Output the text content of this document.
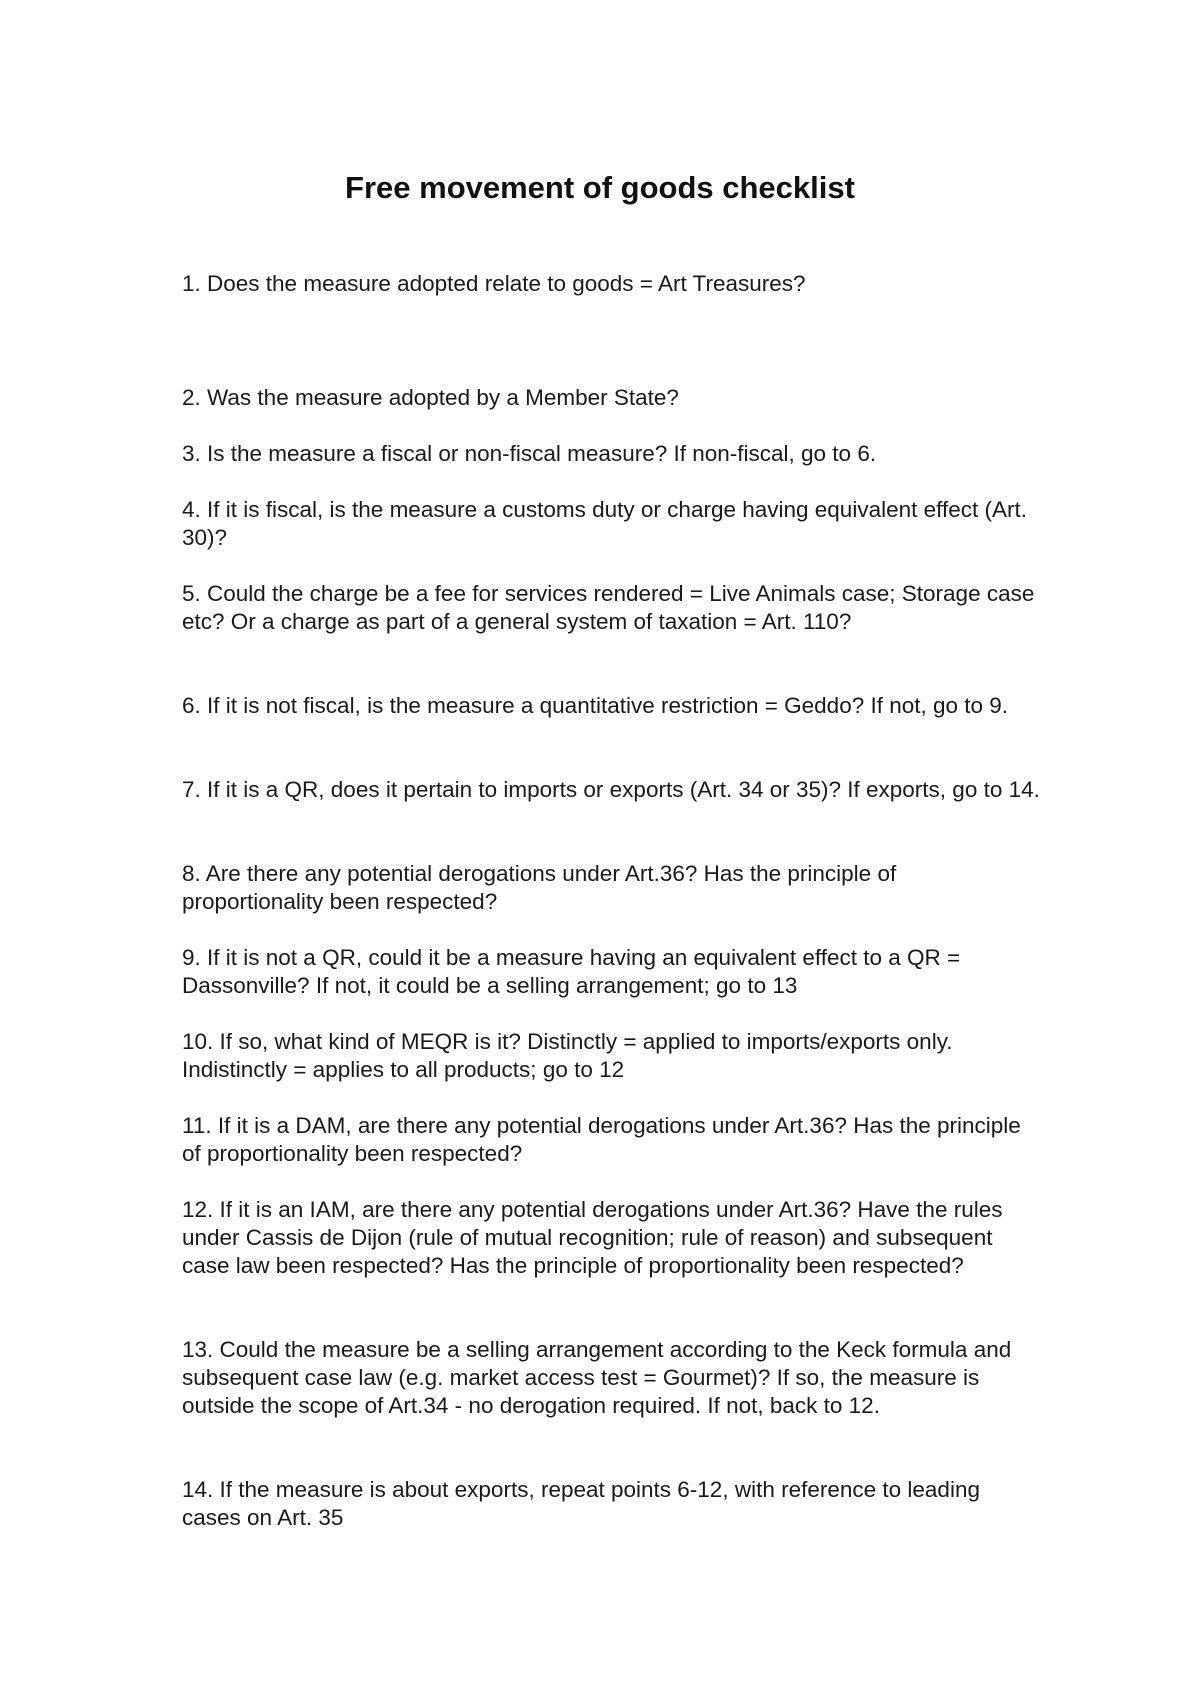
Free movement of goods checklist

1. Does the measure adopted relate to goods = Art Treasures?

2. Was the measure adopted by a Member State?

3. Is the measure a fiscal or non-fiscal measure? If non-fiscal, go to 6.

4. If it is fiscal, is the measure a customs duty or charge having equivalent effect (Art. 30)?

5. Could the charge be a fee for services rendered = Live Animals case; Storage case etc? Or a charge as part of a general system of taxation = Art. 110?

6. If it is not fiscal, is the measure a quantitative restriction = Geddo? If not, go to 9.

7. If it is a QR, does it pertain to imports or exports (Art. 34 or 35)? If exports, go to 14.

8. Are there any potential derogations under Art.36? Has the principle of proportionality been respected?

9. If it is not a QR, could it be a measure having an equivalent effect to a QR = Dassonville? If not, it could be a selling arrangement; go to 13

10. If so, what kind of MEQR is it? Distinctly = applied to imports/exports only. Indistinctly = applies to all products; go to 12

11. If it is a DAM, are there any potential derogations under Art.36? Has the principle of proportionality been respected?

12. If it is an IAM, are there any potential derogations under Art.36? Have the rules under Cassis de Dijon (rule of mutual recognition; rule of reason) and subsequent case law been respected? Has the principle of proportionality been respected?

13. Could the measure be a selling arrangement according to the Keck formula and subsequent case law (e.g. market access test = Gourmet)? If so, the measure is outside the scope of Art.34 - no derogation required. If not, back to 12.

14. If the measure is about exports, repeat points 6-12, with reference to leading cases on Art. 35
